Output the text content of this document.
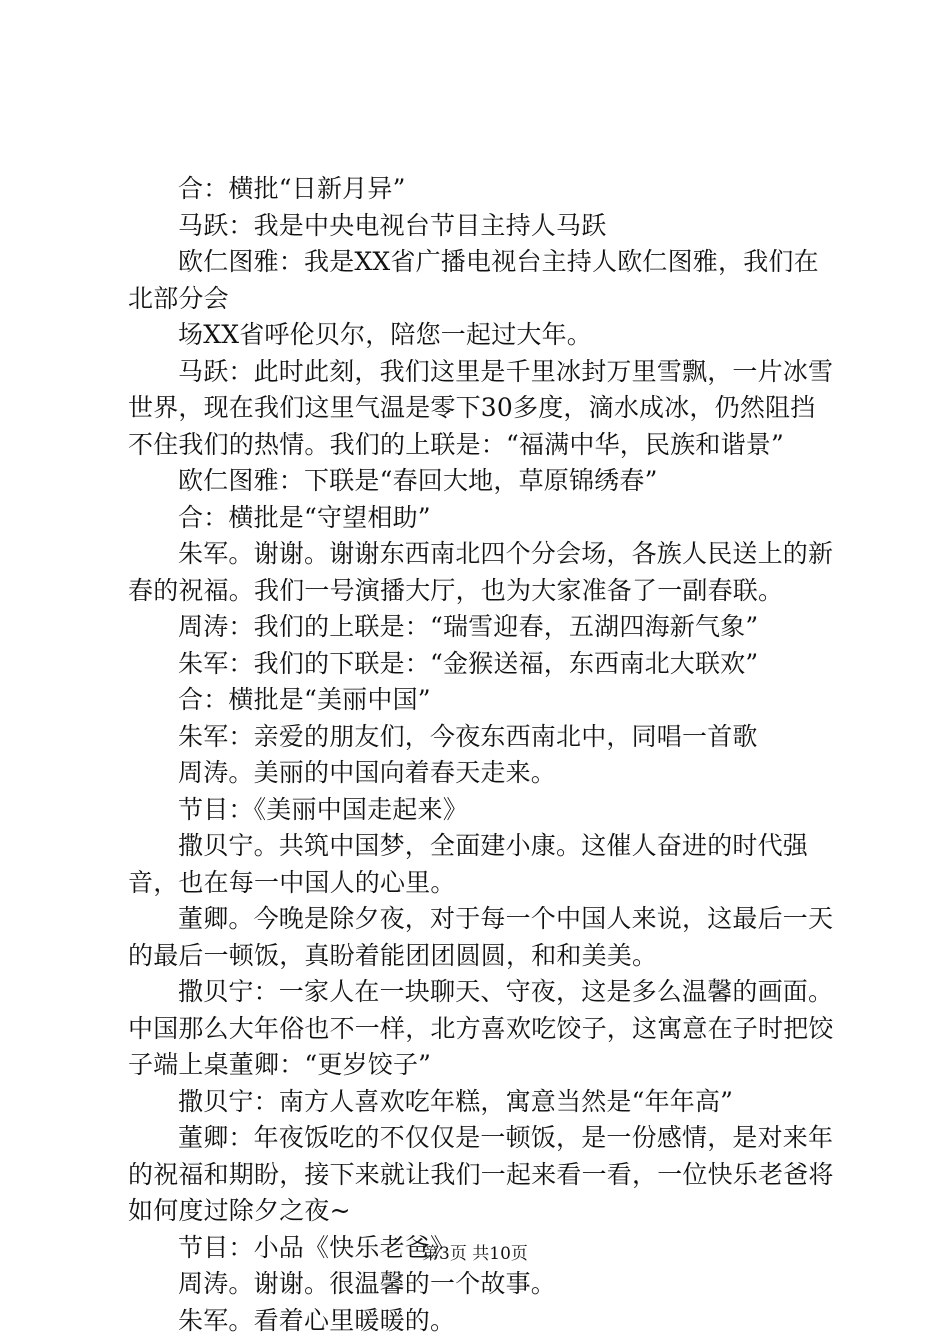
合：横批“日新月异”

马跃：我是中央电视台节目主持人马跃

欧仁图雅：我是XX省广播电视台主持人欧仁图雅，我们在北部分会

场XX省呼伦贝尔，陪您一起过大年。

马跃：此时此刻，我们这里是千里冰封万里雪飘，一片冰雪世界，现在我们这里气温是零下30多度，滴水成冰，仍然阻挡不住我们的热情。我们的上联是：“福满中华，民族和谐景”

欧仁图雅：下联是“春回大地，草原锦绣春”

合：横批是“守望相助”

朱军。谢谢。谢谢东西南北四个分会场，各族人民送上的新春的祝福。我们一号演播大厅，也为大家准备了一副春联。

周涛：我们的上联是：“瑞雪迎春，五湖四海新气象”

朱军：我们的下联是：“金猴送福，东西南北大联欢”

合：横批是“美丽中国”

朱军：亲爱的朋友们，今夜东西南北中，同唱一首歌

周涛。美丽的中国向着春天走来。

节目：《美丽中国走起来》

撒贝宁。共筑中国梦，全面建小康。这催人奋进的时代强音，也在每一中国人的心里。

董卿。今晚是除夕夜，对于每一个中国人来说，这最后一天的最后一顿饭，真盼着能团团圆圆，和和美美。

撒贝宁：一家人在一块聊天、守夜，这是多么温馨的画面。中国那么大年俗也不一样，北方喜欢吃饺子，这寓意在子时把饺子端上桌董卿：“更岁饺子”

撒贝宁：南方人喜欢吃年糕，寓意当然是“年年高”

董卿：年夜饭吃的不仅仅是一顿饭，是一份感情，是对来年的祝福和期盼，接下来就让我们一起来看一看，一位快乐老爸将如何度过除夕之夜~

节目：小品《快乐老爸》

周涛。谢谢。很温馨的一个故事。

朱军。看着心里暖暖的。

第3页 共10页
